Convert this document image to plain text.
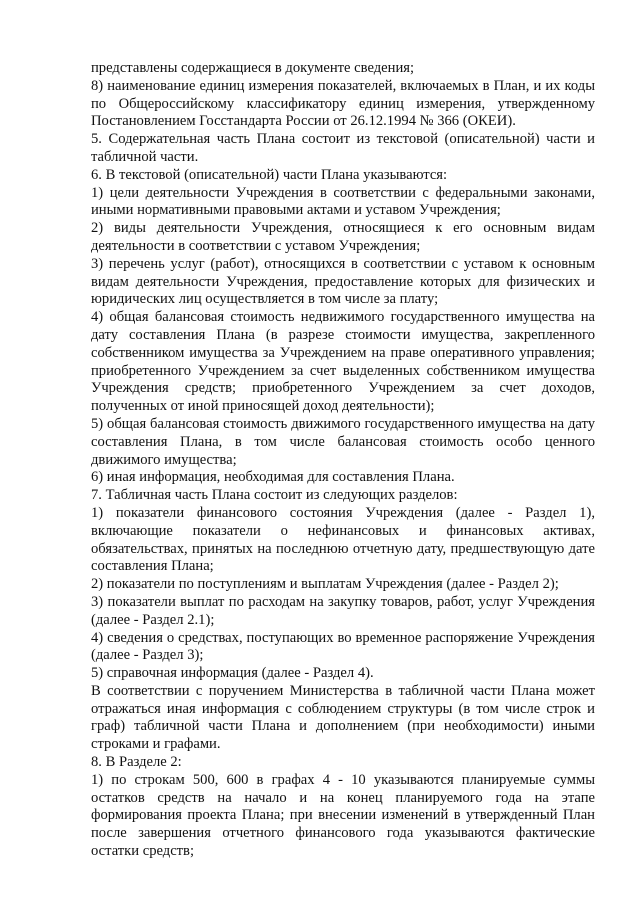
представлены содержащиеся в документе сведения;

8) наименование единиц измерения показателей, включаемых в План, и их коды по Общероссийскому классификатору единиц измерения, утвержденному Постановлением Госстандарта России от 26.12.1994 № 366 (ОКЕИ).

5. Содержательная часть Плана состоит из текстовой (описательной) части и табличной части.

6. В текстовой (описательной) части Плана указываются:

1) цели деятельности Учреждения в соответствии с федеральными законами, иными нормативными правовыми актами и уставом Учреждения;

2) виды деятельности Учреждения, относящиеся к его основным видам деятельности в соответствии с уставом Учреждения;

3) перечень услуг (работ), относящихся в соответствии с уставом к основным видам деятельности Учреждения, предоставление которых для физических и юридических лиц осуществляется в том числе за плату;

4) общая балансовая стоимость недвижимого государственного имущества на дату составления Плана (в разрезе стоимости имущества, закрепленного собственником имущества за Учреждением на праве оперативного управления; приобретенного Учреждением за счет выделенных собственником имущества Учреждения средств; приобретенного Учреждением за счет доходов, полученных от иной приносящей доход деятельности);

5) общая балансовая стоимость движимого государственного имущества на дату составления Плана, в том числе балансовая стоимость особо ценного движимого имущества;

6) иная информация, необходимая для составления Плана.

7. Табличная часть Плана состоит из следующих разделов:

1) показатели финансового состояния Учреждения (далее - Раздел 1), включающие показатели о нефинансовых и финансовых активах, обязательствах, принятых на последнюю отчетную дату, предшествующую дате составления Плана;

2) показатели по поступлениям и выплатам Учреждения (далее - Раздел 2);

3) показатели выплат по расходам на закупку товаров, работ, услуг Учреждения (далее - Раздел 2.1);

4) сведения о средствах, поступающих во временное распоряжение Учреждения (далее - Раздел 3);

5) справочная информация (далее - Раздел 4).

В соответствии с поручением Министерства в табличной части Плана может отражаться иная информация с соблюдением структуры (в том числе строк и граф) табличной части Плана и дополнением (при необходимости) иными строками и графами.

8. В Разделе 2:

1) по строкам 500, 600 в графах 4 - 10 указываются планируемые суммы остатков средств на начало и на конец планируемого года на этапе формирования проекта Плана; при внесении изменений в утвержденный План после завершения отчетного финансового года указываются фактические остатки средств;
